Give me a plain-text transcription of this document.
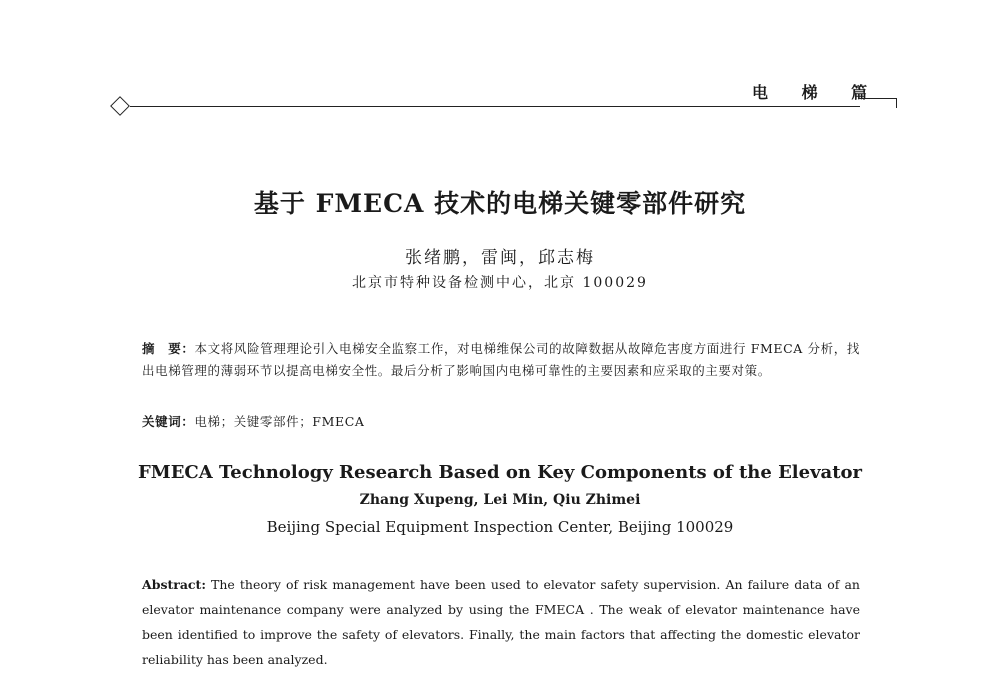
电 梯 篇
基于 FMECA 技术的电梯关键零部件研究
张绪鹏，雷闽，邱志梅
北京市特种设备检测中心，北京 100029
摘　要：本文将风险管理理论引入电梯安全监察工作，对电梯维保公司的故障数据从故障危害度方面进行 FMECA 分析，找出电梯管理的薄弱环节以提高电梯安全性。最后分析了影响国内电梯可靠性的主要因素和应采取的主要对策。
关键词：电梯；关键零部件；FMECA
FMECA Technology Research Based on Key Components of the Elevator
Zhang Xupeng, Lei Min, Qiu Zhimei
Beijing Special Equipment Inspection Center, Beijing 100029
Abstract: The theory of risk management have been used to elevator safety supervision. An failure data of an elevator maintenance company were analyzed by using the FMECA . The weak of elevator maintenance have been identified to improve the safety of elevators. Finally, the main factors that affecting the domestic elevator reliability has been analyzed.
